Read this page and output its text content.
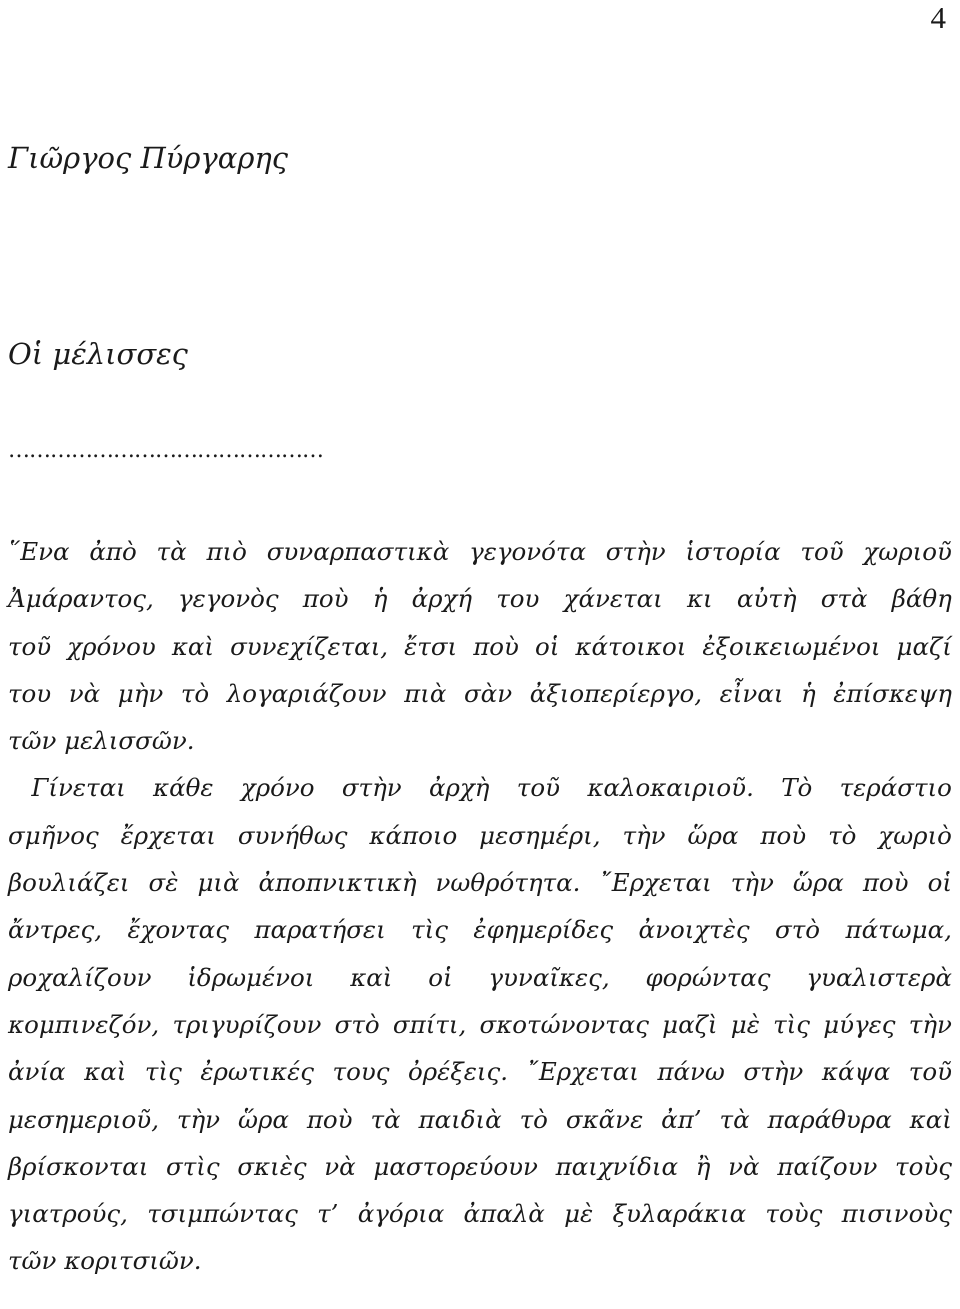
4
Γιῶργος Πύργαρης
Οἱ μέλισσες
………………………………………
῞Ενα ἀπὸ τὰ πιὸ συναρπαστικὰ γεγονότα στὴν ἱστορία τοῦ χωριοῦ
Ἀμάραντος, γεγονὸς ποὺ ἡ ἀρχή του χάνεται κι αὐτὴ στὰ βάθη
τοῦ χρόνου καὶ συνεχίζεται, ἔτσι ποὺ οἱ κάτοικοι ἐξοικειωμένοι μαζί
του νὰ μὴν τὸ λογαριάζουν πιὰ σὰν ἀξιοπερίεργο, εἶναι ἡ ἐπίσκεψη
τῶν μελισσῶν.
Γίνεται κάθε χρόνο στὴν ἀρχὴ τοῦ καλοκαιριοῦ. Τὸ τεράστιο
σμῆνος ἔρχεται συνήθως κάποιο μεσημέρι, τὴν ὥρα ποὺ τὸ χωριὸ
βουλιάζει σὲ μιὰ ἀποπνικτικὴ νωθρότητα. ῎Ερχεται τὴν ὥρα ποὺ οἱ
ἄντρες, ἔχοντας παρατήσει τὶς ἐφημερίδες ἀνοιχτὲς στὸ πάτωμα,
ροχαλίζουν ἱδρωμένοι καὶ οἱ γυναῖκες, φορώντας γυαλιστερὰ
κομπινεζόν, τριγυρίζουν στὸ σπίτι, σκοτώνοντας μαζὶ μὲ τὶς μύγες τὴν
ἀνία καὶ τὶς ἐρωτικές τους ὀρέξεις. ῎Ερχεται πάνω στὴν κάψα τοῦ
μεσημεριοῦ, τὴν ὥρα ποὺ τὰ παιδιὰ τὸ σκᾶνε ἀπ’ τὰ παράθυρα καὶ
βρίσκονται στὶς σκιὲς νὰ μαστορεύουν παιχνίδια ἢ νὰ παίζουν τοὺς
γιατρούς, τσιμπώντας τ’ ἀγόρια ἀπαλὰ μὲ ξυλαράκια τοὺς πισινοὺς
τῶν κοριτσιῶν.
